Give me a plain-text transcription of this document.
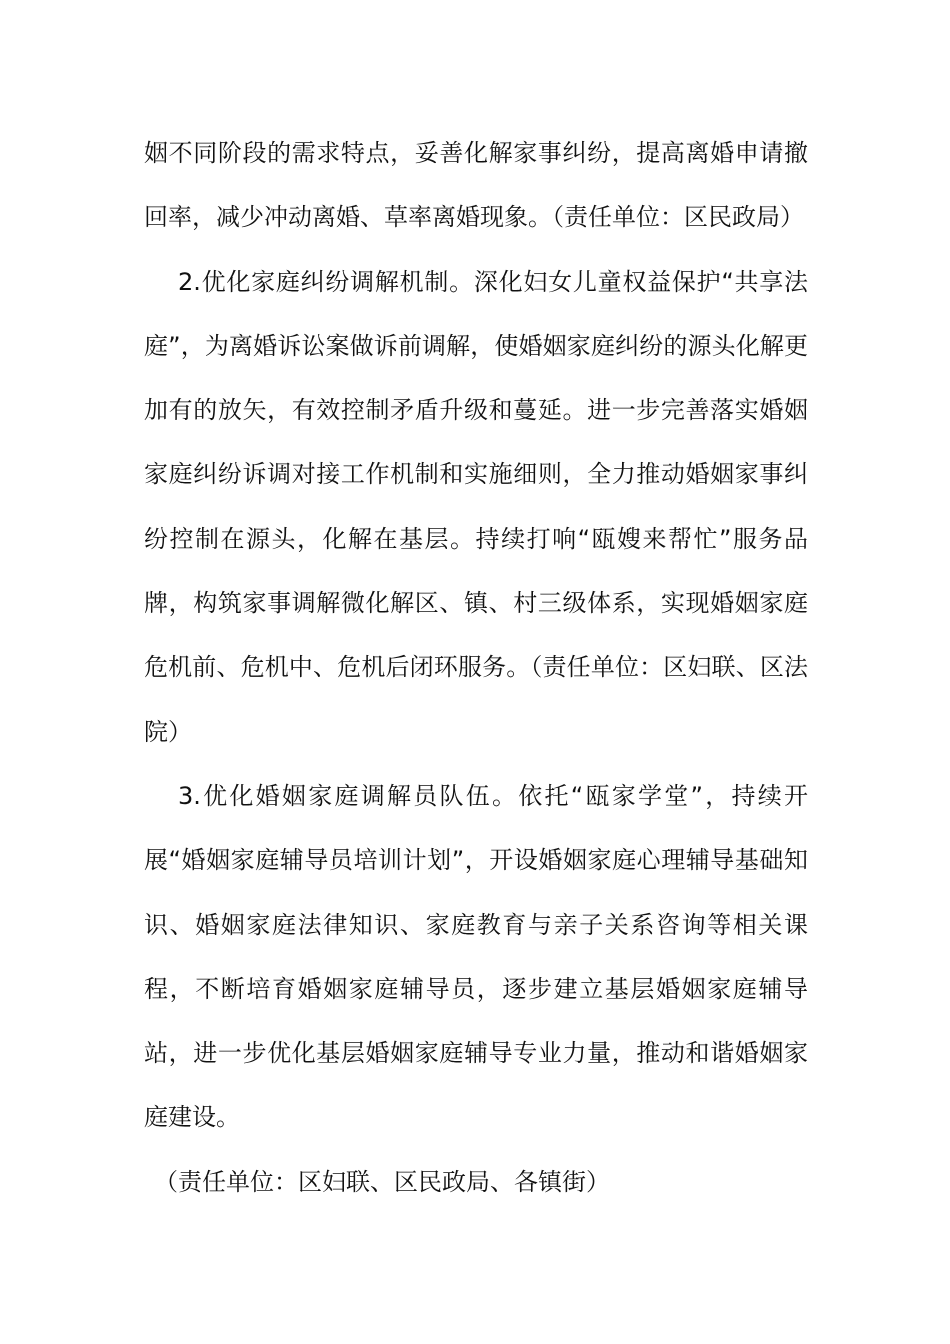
姻不同阶段的需求特点，妥善化解家事纠纷，提高离婚申请撤回率，减少冲动离婚、草率离婚现象。（责任单位：区民政局）

2.优化家庭纠纷调解机制。深化妇女儿童权益保护“共享法庭”，为离婚诉讼案做诉前调解，使婚姻家庭纠纷的源头化解更加有的放矢，有效控制矛盾升级和蔓延。进一步完善落实婚姻家庭纠纷诉调对接工作机制和实施细则，全力推动婚姻家事纠纷控制在源头，化解在基层。持续打响“瓯嫂来帮忙”服务品牌，构筑家事调解微化解区、镇、村三级体系，实现婚姻家庭危机前、危机中、危机后闭环服务。（责任单位：区妇联、区法院）

3.优化婚姻家庭调解员队伍。依托“瓯家学堂”，持续开展“婚姻家庭辅导员培训计划”，开设婚姻家庭心理辅导基础知识、婚姻家庭法律知识、家庭教育与亲子关系咨询等相关课程，不断培育婚姻家庭辅导员，逐步建立基层婚姻家庭辅导站，进一步优化基层婚姻家庭辅导专业力量，推动和谐婚姻家庭建设。

（责任单位：区妇联、区民政局、各镇街）
